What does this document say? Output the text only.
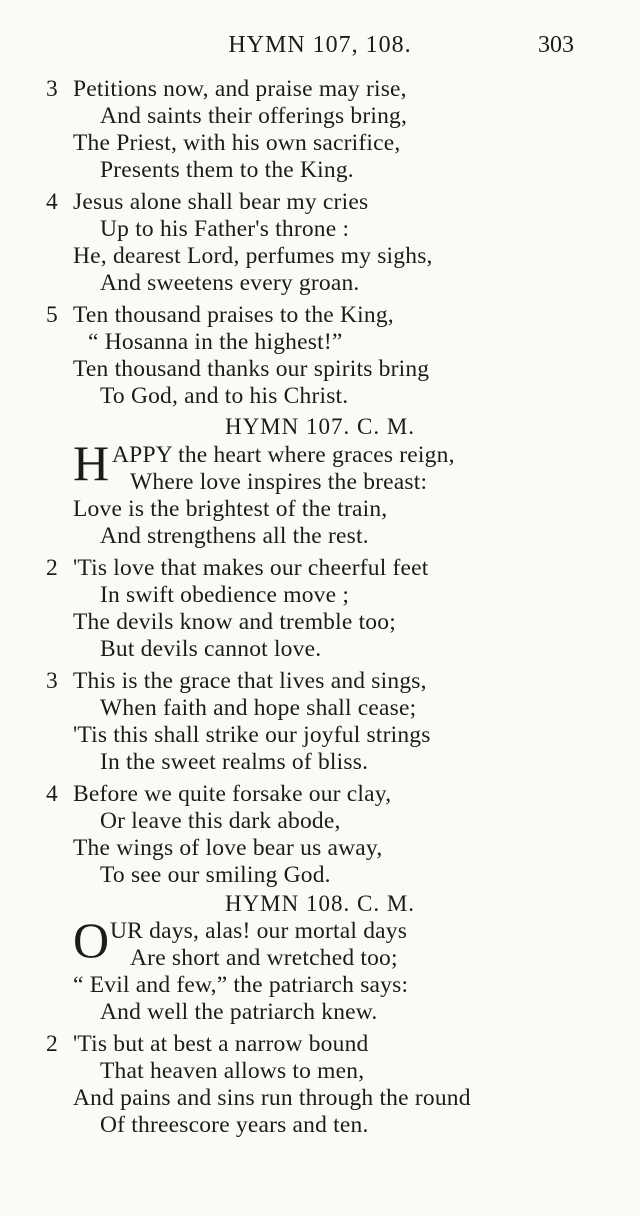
HYMN 107, 108.	303
3 Petitions now, and praise may rise,
And saints their offerings bring,
The Priest, with his own sacrifice,
Presents them to the King.
4 Jesus alone shall bear my cries
Up to his Father's throne :
He, dearest Lord, perfumes my sighs,
And sweetens every groan.
5 Ten thousand praises to the King,
“ Hosanna in the highest!”
Ten thousand thanks our spirits bring
To God, and to his Christ.
HYMN 107. C. M.
H APPY the heart where graces reign,
Where love inspires the breast:
Love is the brightest of the train,
And strengthens all the rest.
2 'Tis love that makes our cheerful feet
In swift obedience move ;
The devils know and tremble too;
But devils cannot love.
3 This is the grace that lives and sings,
When faith and hope shall cease;
'Tis this shall strike our joyful strings
In the sweet realms of bliss.
4 Before we quite forsake our clay,
Or leave this dark abode,
The wings of love bear us away,
To see our smiling God.
HYMN 108. C. M.
O UR days, alas! our mortal days
Are short and wretched too;
“ Evil and few,” the patriarch says:
And well the patriarch knew.
2 'Tis but at best a narrow bound
That heaven allows to men,
And pains and sins run through the round
Of threescore years and ten.
